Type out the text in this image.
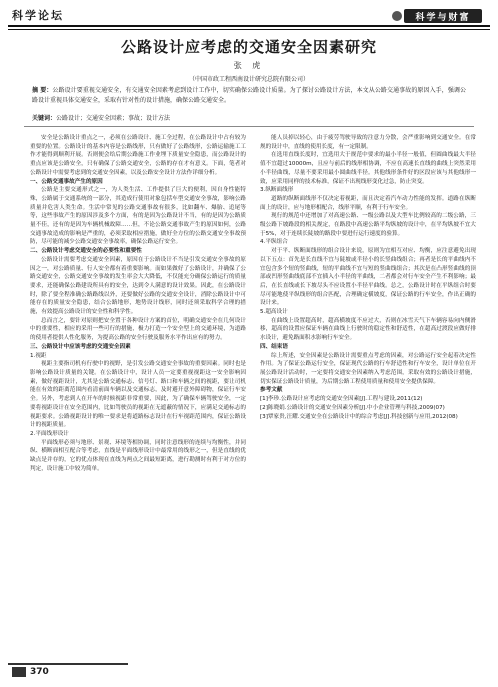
科学论坛	科学与财富
公路设计应考虑的交通安全因素研究
张 虎
（中国市政工程西南设计研究总院有限公司）
摘 要：公路设计要重视交通安全，有交通安全因素考虑到设计工作中，切实确保公路设计质量。为了探讨公路设计方法，本文从公路交通事故的原因入手，强调公路设计重视具体交通安全，采取有针对性的设计措施，确保公路交通安全。
关键词：公路设计；交通安全因素；事故；设计方法

安全是公路设计重点之一，必须在公路设计、施工全过程，在公路设计中占有较为重要的位置。公路设计的基本内容是公路线形，只有做好了公路线形，公路运输施工工作才能得到顺利开展。否则便会给后期公路施工作业埋下质量安全隐患，而公路设计的重点应该是公路安全，只有确保了公路交通安全，公路的存在才有意义。下面，笔者对公路设计中需要考虑到的交通安全因素，以及公路安全设计方法作详细分析。

一、公路交通事故产生的原因

公路是主要交通形式之一，为人类生活、工作提供了巨大的便利，因自身性能特殊，公路属于交通系统的一部分，其造成行使用对象包括车型交通安全事故，影响公路质量并危害人类生命。生活中常见的公路交通事故有很多，比如翻车、爆胎、追尾等等，这些事故产生的原因涉及多个方面，有的是因为公路设计不当，有的是因为公路质量不佳，还有的是因为车辆机械故障……但，不论公路交通事故产生的原因如何，公路交通事故造成的影响是严重的，必须采取相应措施，做好全方位的公路交通安全事故预防，尽可能的减少公路交通安全事故率，确保公路运行安全。

二、公路设计考虑交通安全的必要性和重要性

公路设计需要考虑交通安全因素，原因在于公路设计不当是引发交通安全事故的原因之一，对公路质量、行人安全都有着重要影响。而如果做好了公路设计，并确保了公路交通安全，公路交通安全事故的发生率会大大降低，不仅能充分确保公路运行的质量要求，还能确保公路建设所具有的安全，达到令人满意的设计效果。因此，在公路设计时，除了要全程准确公路路线以外，还要做好公路的交通安全设计，消除公路设计中可能存在的质量安全隐患，结合公路地形，地势设计线形，同时还须采取科学合理的措施，有效提高公路设计的安全性和科学性。

总而言之，要针对原则把安全置于各种设计方案的首位，明确交通安全在几何设计中的重要性，相应的采用一些可行的措施，极力打造一个安全型上的交通环境，为道路的使用者提供人性化服务，为提高公路的安全行驶及服务水平作出应有的努力。

三、公路设计中应该考虑的交通安全因素

1.视距

视距主要指司机有行驶中的视野，是引发公路交通安全事故的重要因素。同时也是影响公路设计质量的关键。在公路设计中，设计人员一定要重视视距这一安全影响因素，做好视距设计，尤其是公路交通标志、信号灯、路口和车辆之间的视距，要让司机能在有效的距离范围内看清前面车辆以及交通标志，及时避开意外障碍物，保证行车安全。另外，考虑到人在开车的时候视距非常重要，因此，为了确保车辆驾驶安全，一定要将视距设计在安全范围内，比如驾驶员的视距在无遮蔽的情况下，应满足交通标志的视距要求。公路视距设计的唯一要求是将道路标志设计在行车视距范围内，保证公路设计的视距质量。

2.平面线形设计

平面线形必须与地形、景观、环境等相协调，同时注意线形的连续与均衡性，并同纵、横断面相互配合等考虑，直线是平面线形设计中最常用的线形之一，但是直线的优缺点是并存的，它的优点体现在直线为两点之间最短距离，进行勘测时有利于对方位的判定，设计施工中较为简单。

能人员掉以轻心，由于疲劳驾驶导致的注意力分散，会严重影响到交通安全。在常规的设计中，直线的使用长度，有一定限制。

在选用直线长度时，宜选用大于规范中要求的最小半径一般值，但圆曲线最大半径值不宜超过10000m，且应与前后的线形相协调，不应在高速长直线的曲线上突然采用小半径曲线，尽量不要采用最小圆曲线半径。其他线形条件好的区段应该与其他线形一致，应采用同样的技术标准，保证不出现线形变化过急，防止突变。

3.纵断面线形

道路的纵断面线形不仅决定着视距，而且决定着汽车动力性能的发挥。道路在纵断面上的设计，应与地形相配合，线形平顺，有利于行车安全。

现行的规范中还增加了对高速公路、一级公路以及大型车比例较高的二级公路，三级公路下坡路段的相关规定，在路段中高速公路平均纵坡的设计中，在平均纵坡不宜大于5%，对于连续长陡坡的路段中要进行运行速度的验算。

4.平纵组合

对于平、纵断面线形的组合设计来说，原则为宜相互对应、均衡，应注意避免出现以下五点：首先是长直线不宜与陡坡或半径小的长竖曲线组合；再者是长的平曲线内不宜包含多个短的竖曲线，短的平曲线不宜与短的竖曲线组合；其次是在凸形竖曲线的顶部或凹形竖曲线底部不宜插入小半径的平曲线，二者都会对行车安全产生不利影响；最后，在长直线或长下坡尽头不应设置小半径平曲线。总之，公路设计时在平纵组合时要尽可能地使平纵线形的组合匹配，合理确定横坡度，保证公路的行车安全，作出正确的设计来。

5.超高设计

在曲线上设置超高时，超高横坡度不应过大，否则在冰雪天气下车辆容易向内侧滑移，超高的设置应保证车辆在曲线上行驶时的稳定性和舒适性，在超高过渡段应做好排水设计，避免路面积水影响行车安全。

四、结束语

综上所述，安全因素是公路设计需要重点考虑的因素，对公路运行安全起着决定性作用。为了保证公路运行安全，保证现代公路的行车舒适性和行车安全，设计单位在开展公路设计活动时，一定要将交通安全因素纳入考虑范围，采取有效的公路设计措施，切实保证公路设计质量，为后期公路工程使用质量和使用安全提供保障。

参考文献

[1]李珍.公路设计应考虑的交通安全因素[J].工程与建设,2011(12)

[2]陈晓娟.公路设计的交通安全因素分析[J].中小企业管理与科技,2009(07)

[3]覃家贵,汪耀.交通安全在公路设计中的综合考虑[J].科技创新与应用,2012(08)

370
